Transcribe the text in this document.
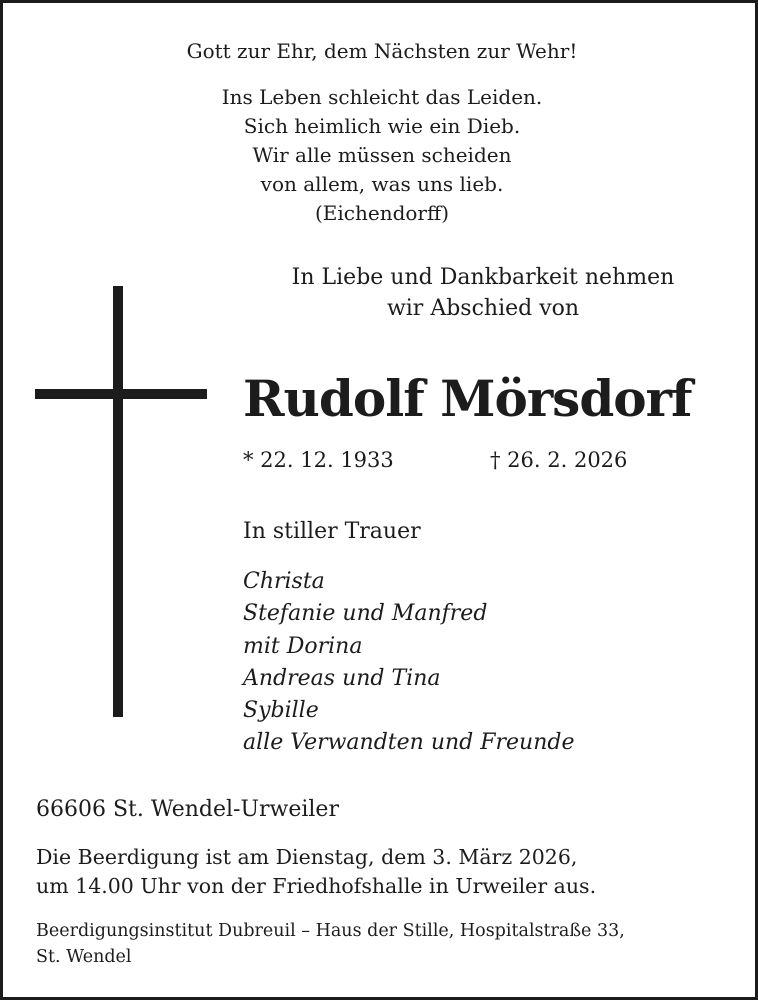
Gott zur Ehr, dem Nächsten zur Wehr!
Ins Leben schleicht das Leiden.
Sich heimlich wie ein Dieb.
Wir alle müssen scheiden
von allem, was uns lieb.
(Eichendorff)
In Liebe und Dankbarkeit nehmen
wir Abschied von
Rudolf Mörsdorf
* 22. 12. 1933	† 26. 2. 2026
In stiller Trauer
Christa
Stefanie und Manfred
mit Dorina
Andreas und Tina
Sybille
alle Verwandten und Freunde
66606 St. Wendel-Urweiler
Die Beerdigung ist am Dienstag, dem 3. März 2026,
um 14.00 Uhr von der Friedhofshalle in Urweiler aus.
Beerdigungsinstitut Dubreuil – Haus der Stille, Hospitalstraße 33,
St. Wendel
